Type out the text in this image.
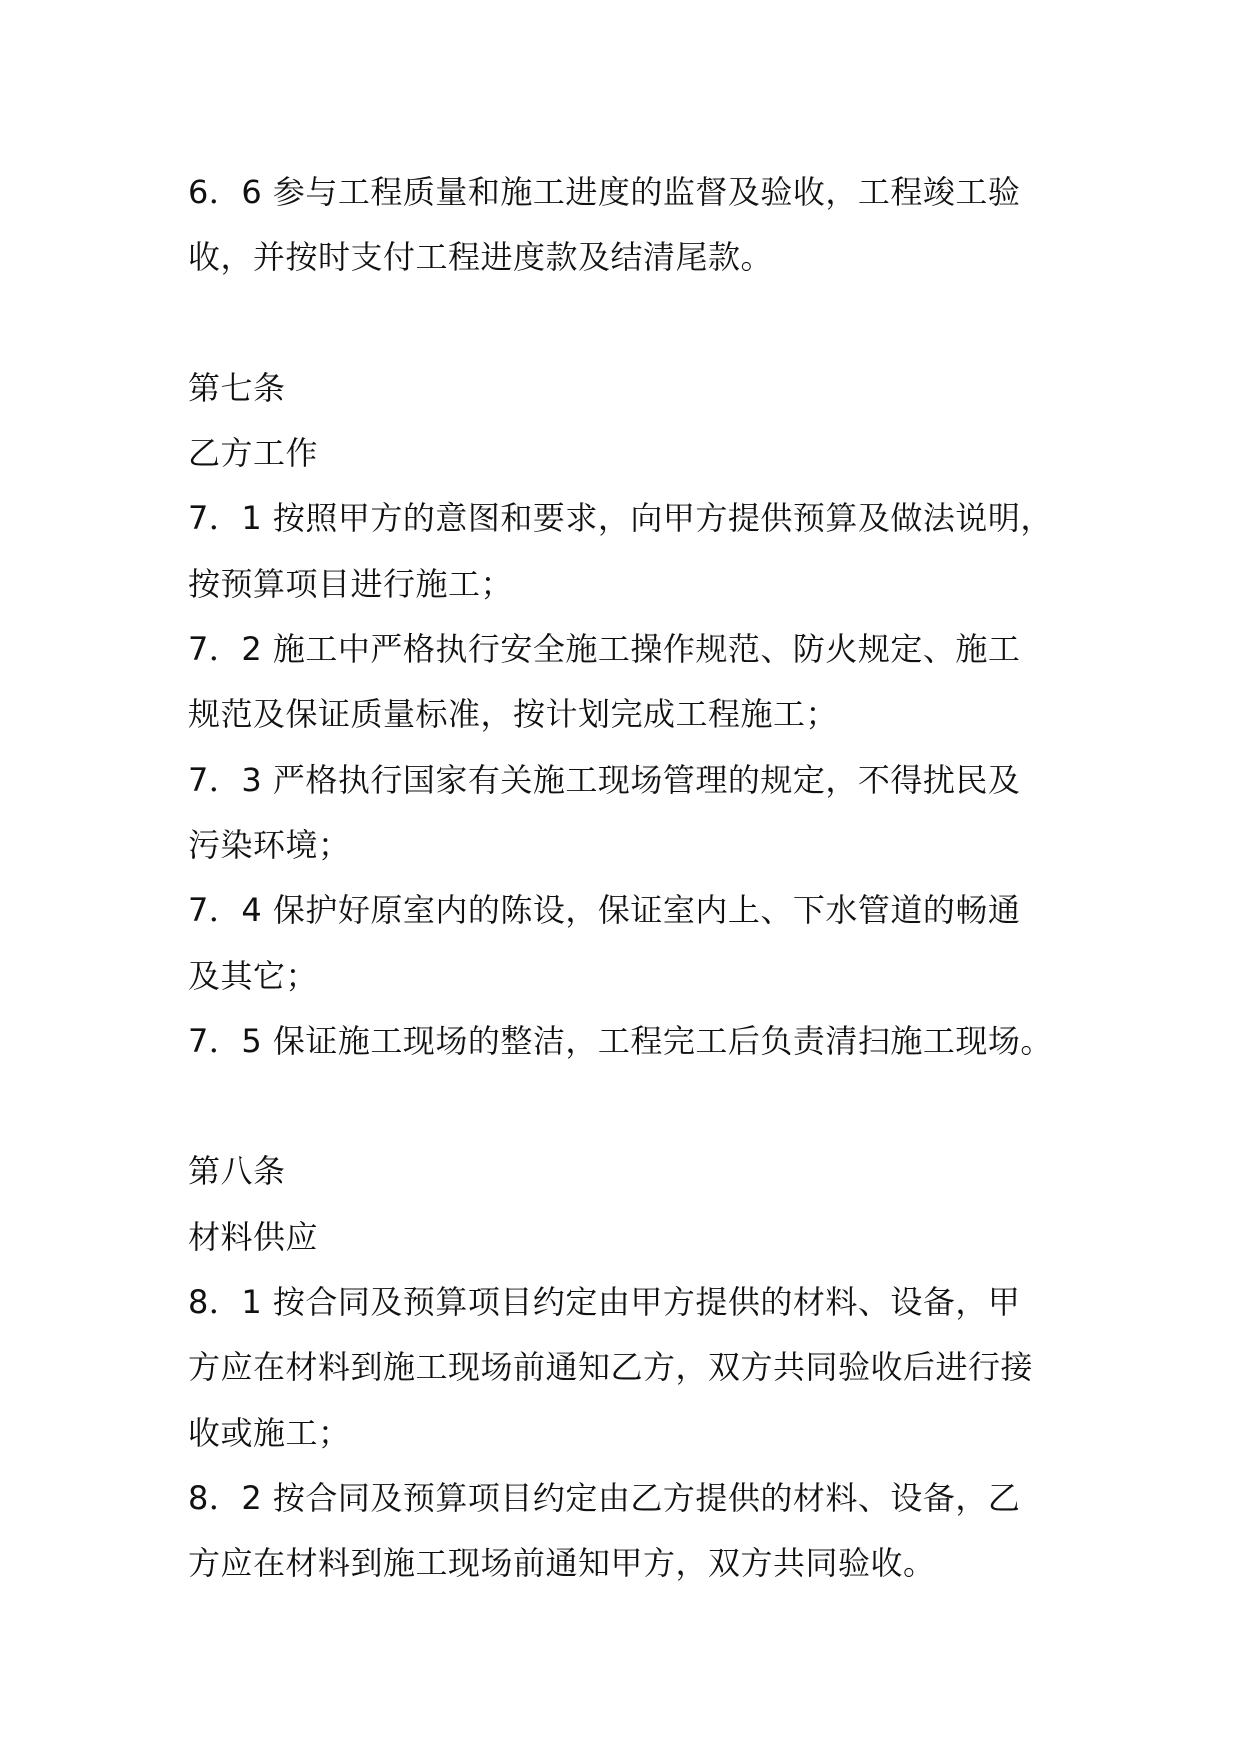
6．6 参与工程质量和施工进度的监督及验收，工程竣工验
收，并按时支付工程进度款及结清尾款。
第七条
乙方工作
7．1 按照甲方的意图和要求，向甲方提供预算及做法说明，
按预算项目进行施工；
7．2 施工中严格执行安全施工操作规范、防火规定、施工
规范及保证质量标准，按计划完成工程施工；
7．3 严格执行国家有关施工现场管理的规定，不得扰民及
污染环境；
7．4 保护好原室内的陈设，保证室内上、下水管道的畅通
及其它；
7．5 保证施工现场的整洁，工程完工后负责清扫施工现场。
第八条
材料供应
8．1 按合同及预算项目约定由甲方提供的材料、设备，甲
方应在材料到施工现场前通知乙方，双方共同验收后进行接
收或施工；
8．2 按合同及预算项目约定由乙方提供的材料、设备，乙
方应在材料到施工现场前通知甲方，双方共同验收。
